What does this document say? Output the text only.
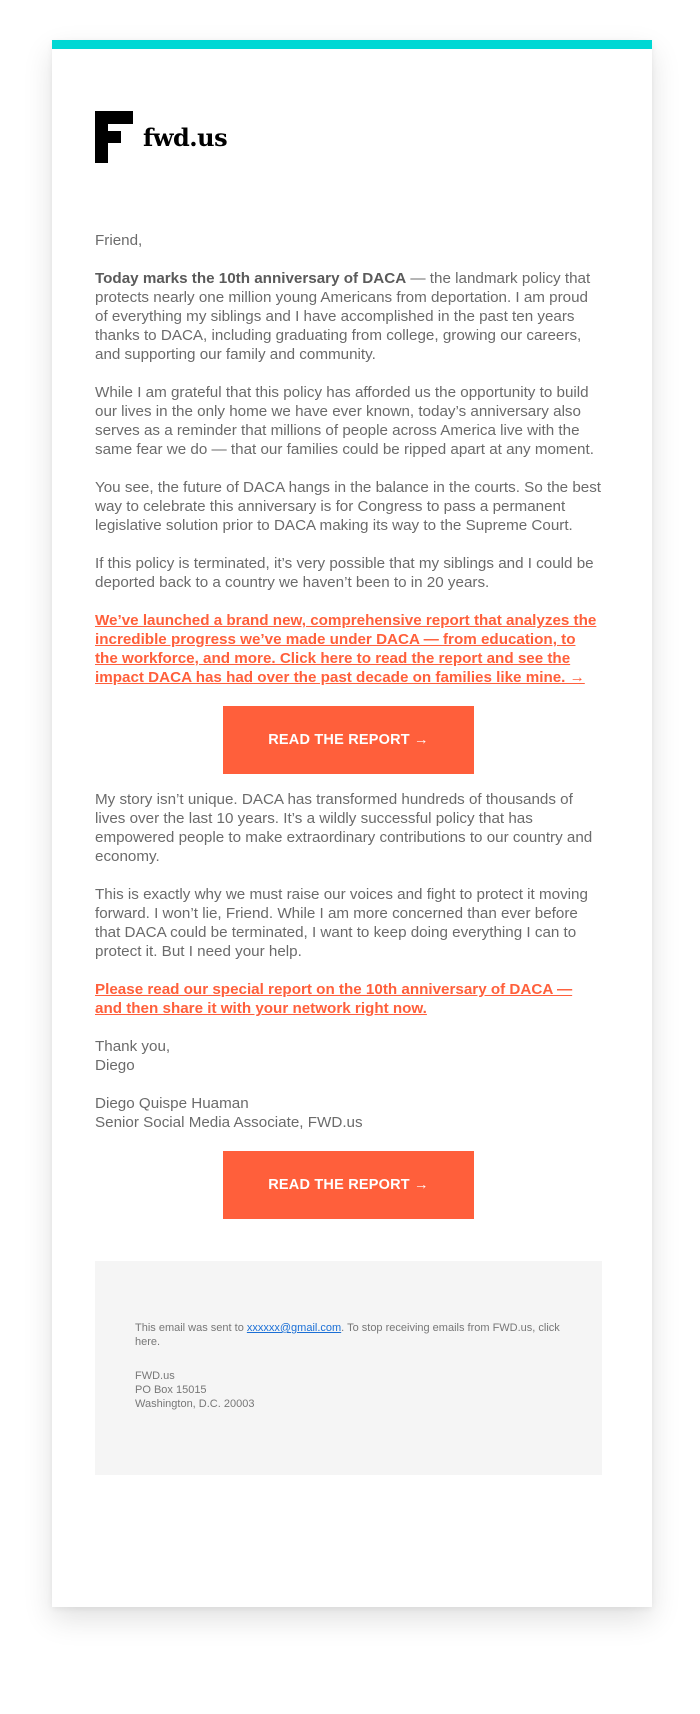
fwd.us

Friend,

Today marks the 10th anniversary of DACA — the landmark policy that protects nearly one million young Americans from deportation. I am proud of everything my siblings and I have accomplished in the past ten years thanks to DACA, including graduating from college, growing our careers, and supporting our family and community.

While I am grateful that this policy has afforded us the opportunity to build our lives in the only home we have ever known, today’s anniversary also serves as a reminder that millions of people across America live with the same fear we do — that our families could be ripped apart at any moment.

You see, the future of DACA hangs in the balance in the courts. So the best way to celebrate this anniversary is for Congress to pass a permanent legislative solution prior to DACA making its way to the Supreme Court.

If this policy is terminated, it’s very possible that my siblings and I could be deported back to a country we haven’t been to in 20 years.

We’ve launched a brand new, comprehensive report that analyzes the incredible progress we’ve made under DACA — from education, to the workforce, and more. Click here to read the report and see the impact DACA has had over the past decade on families like mine. →

READ THE REPORT →

My story isn’t unique. DACA has transformed hundreds of thousands of lives over the last 10 years. It’s a wildly successful policy that has empowered people to make extraordinary contributions to our country and economy.

This is exactly why we must raise our voices and fight to protect it moving forward. I won’t lie, Friend. While I am more concerned than ever before that DACA could be terminated, I want to keep doing everything I can to protect it. But I need your help.

Please read our special report on the 10th anniversary of DACA — and then share it with your network right now.

Thank you,
Diego

Diego Quispe Huaman
Senior Social Media Associate, FWD.us

READ THE REPORT →

This email was sent to xxxxxx@gmail.com. To stop receiving emails from FWD.us, click here.

FWD.us
PO Box 15015
Washington, D.C. 20003
